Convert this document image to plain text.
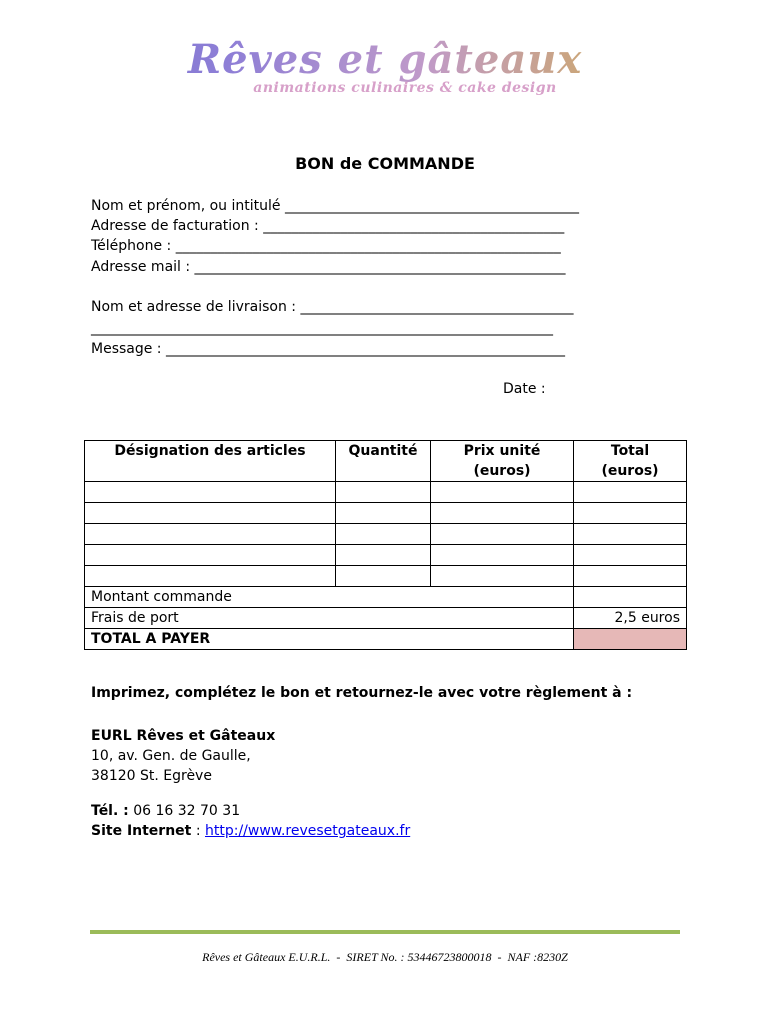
Rêves et gâteaux
animations culinaires & cake design
BON de COMMANDE
Nom et prénom, ou intitulé __________________________________________
Adresse de facturation : ___________________________________________
Téléphone : _______________________________________________________
Adresse mail : _____________________________________________________
Nom et adresse de livraison : _______________________________________
__________________________________________________________________
Message : _________________________________________________________
Date :
Désignation des articles	Quantité	Prix unité (euros)	Total (euros)

Montant commande			
Frais de port			2,5 euros
TOTAL A PAYER			
Imprimez, complétez le bon et retournez-le avec votre règlement à :
EURL Rêves et Gâteaux
10, av. Gen. de Gaulle,
38120 St. Egrève
Tél. : 06 16 32 70 31
Site Internet : http://www.revesetgateaux.fr
Rêves et Gâteaux E.U.R.L.  -  SIRET No. : 53446723800018  -  NAF :8230Z
